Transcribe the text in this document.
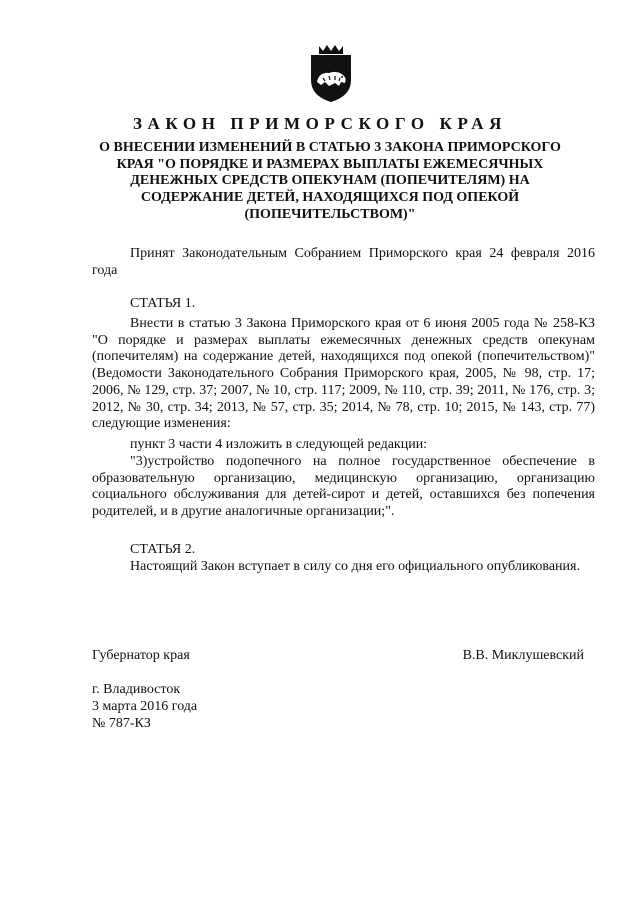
ЗАКОН ПРИМОРСКОГО КРАЯ
О ВНЕСЕНИИ ИЗМЕНЕНИЙ В СТАТЬЮ 3 ЗАКОНА ПРИМОРСКОГО КРАЯ "О ПОРЯДКЕ И РАЗМЕРАХ ВЫПЛАТЫ ЕЖЕМЕСЯЧНЫХ ДЕНЕЖНЫХ СРЕДСТВ ОПЕКУНАМ (ПОПЕЧИТЕЛЯМ) НА СОДЕРЖАНИЕ ДЕТЕЙ, НАХОДЯЩИХСЯ ПОД ОПЕКОЙ (ПОПЕЧИТЕЛЬСТВОМ)"

Принят Законодательным Собранием Приморского края 24 февраля 2016 года

СТАТЬЯ 1.

Внести в статью 3 Закона Приморского края от 6 июня 2005 года № 258-КЗ "О порядке и размерах выплаты ежемесячных денежных средств опекунам (попечителям) на содержание детей, находящихся под опекой (попечительством)" (Ведомости Законодательного Собрания Приморского края, 2005, № 98, стр. 17; 2006, № 129, стр. 37; 2007, № 10, стр. 117; 2009, № 110, стр. 39; 2011, № 176, стр. 3; 2012, № 30, стр. 34; 2013, № 57, стр. 35; 2014, № 78, стр. 10; 2015, № 143, стр. 77) следующие изменения:

пункт 3 части 4 изложить в следующей редакции:

"3)устройство подопечного на полное государственное обеспечение в образовательную организацию, медицинскую организацию, организацию социального обслуживания для детей-сирот и детей, оставшихся без попечения родителей, и в другие аналогичные организации;".

СТАТЬЯ 2.

Настоящий Закон вступает в силу со дня его официального опубликования.

Губернатор края	В.В. Миклушевский

г. Владивосток

3 марта 2016 года

№ 787-КЗ
